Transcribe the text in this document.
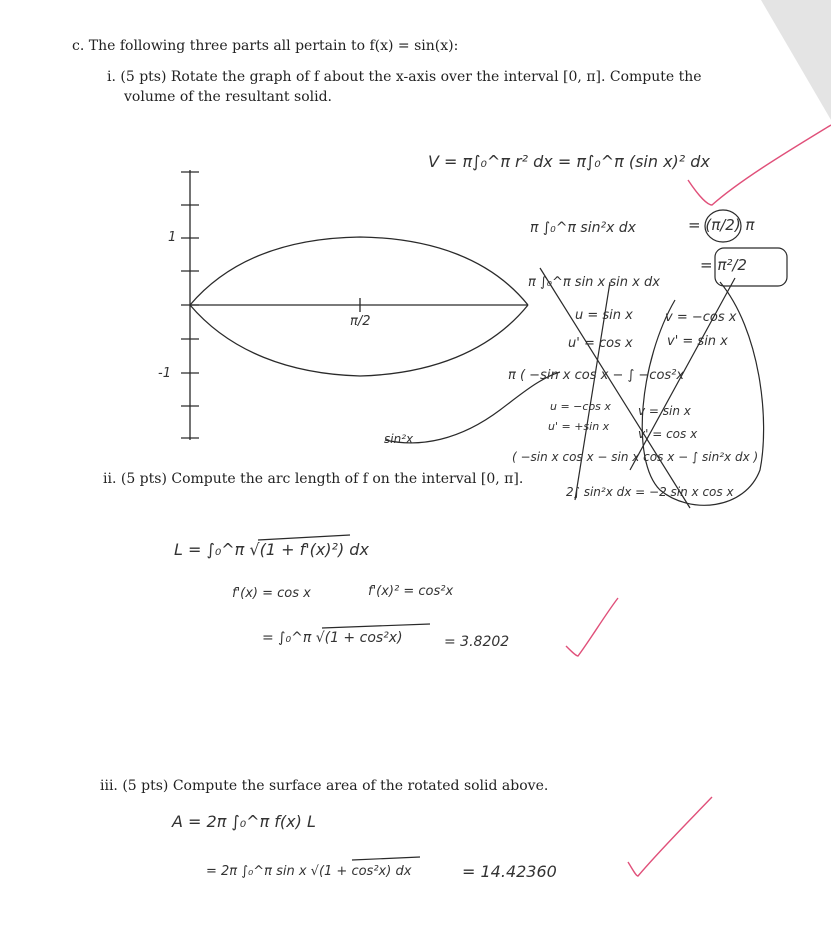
c. The following three parts all pertain to f(x) = sin(x):
i. (5 pts) Rotate the graph of f about the x-axis over the interval [0, π]. Compute the
volume of the resultant solid.
ii. (5 pts) Compute the arc length of f on the interval [0, π].
iii. (5 pts) Compute the surface area of the rotated solid above.
1
-1
π/2
V = π∫₀^π r² dx = π∫₀^π (sin x)² dx
π ∫₀^π sin²x dx	= (π/2) π
= π²/2
π ∫₀^π sin x sin x dx
u = sin x v = −cos x
u' = cos x	v' = sin x
π ( −sin x cos x − ∫ −cos²x
u = −cos x v = sin x
u' = +sin x
v' = cos x
( −sin x cos x − sin x cos x − ∫ sin²x dx )
2∫ sin²x dx = −2 sin x cos x
sin²x
L = ∫₀^π √(1 + f'(x)²) dx
f'(x) = cos x	f'(x)² = cos²x
= ∫₀^π √(1 + cos²x)	= 3.8202
A = 2π ∫₀^π f(x) L
= 2π ∫₀^π sin x √(1 + cos²x) dx	= 14.42360
